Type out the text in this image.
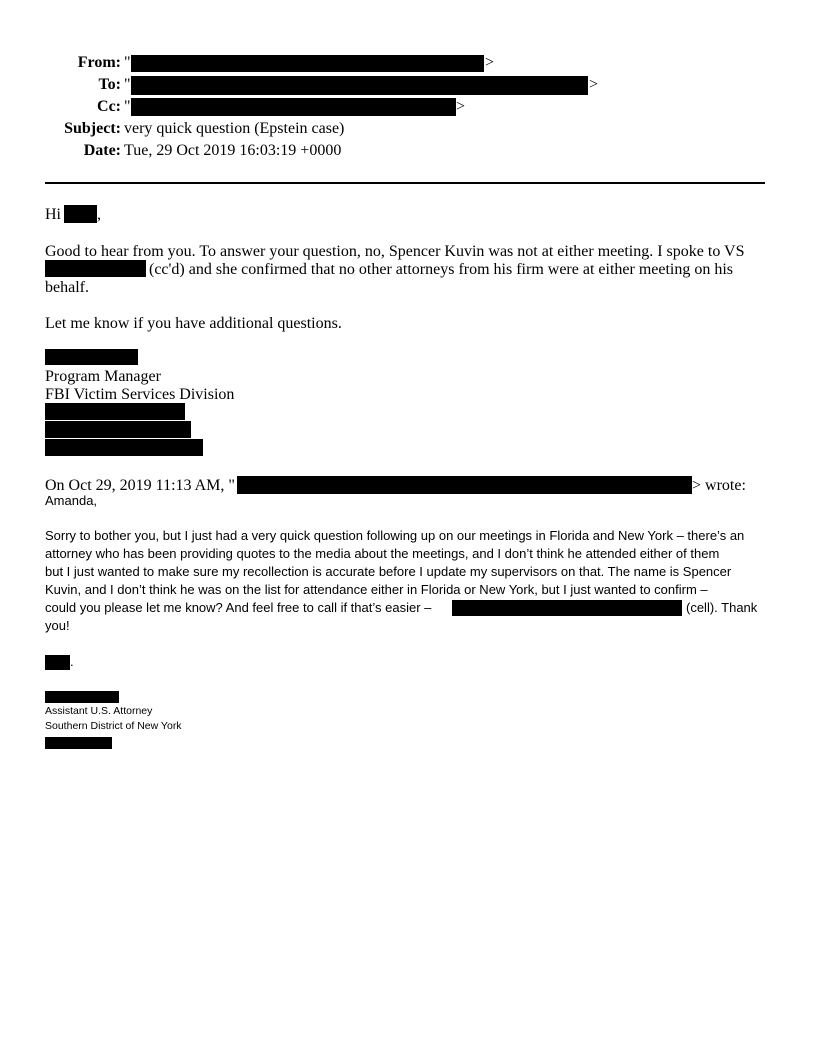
From: "	>
To: "	>
Cc: "	>
Subject: very quick question (Epstein case)
Date: Tue, 29 Oct 2019 16:03:19 +0000
Hi ,
Good to hear from you. To answer your question, no, Spencer Kuvin was not at either meeting. I spoke to VS
(cc'd) and she confirmed that no other attorneys from his firm were at either meeting on his
behalf.
Let me know if you have additional questions.
Program Manager
FBI Victim Services Division
On Oct 29, 2019 11:13 AM, "	> wrote:
Amanda,
Sorry to bother you, but I just had a very quick question following up on our meetings in Florida and New York – there’s an
attorney who has been providing quotes to the media about the meetings, and I don’t think he attended either of them
but I just wanted to make sure my recollection is accurate before I update my supervisors on that. The name is Spencer
Kuvin, and I don’t think he was on the list for attendance either in Florida or New York, but I just wanted to confirm –
could you please let me know? And feel free to call if that’s easier –	(cell). Thank
you!
.
Assistant U.S. Attorney
Southern District of New York
